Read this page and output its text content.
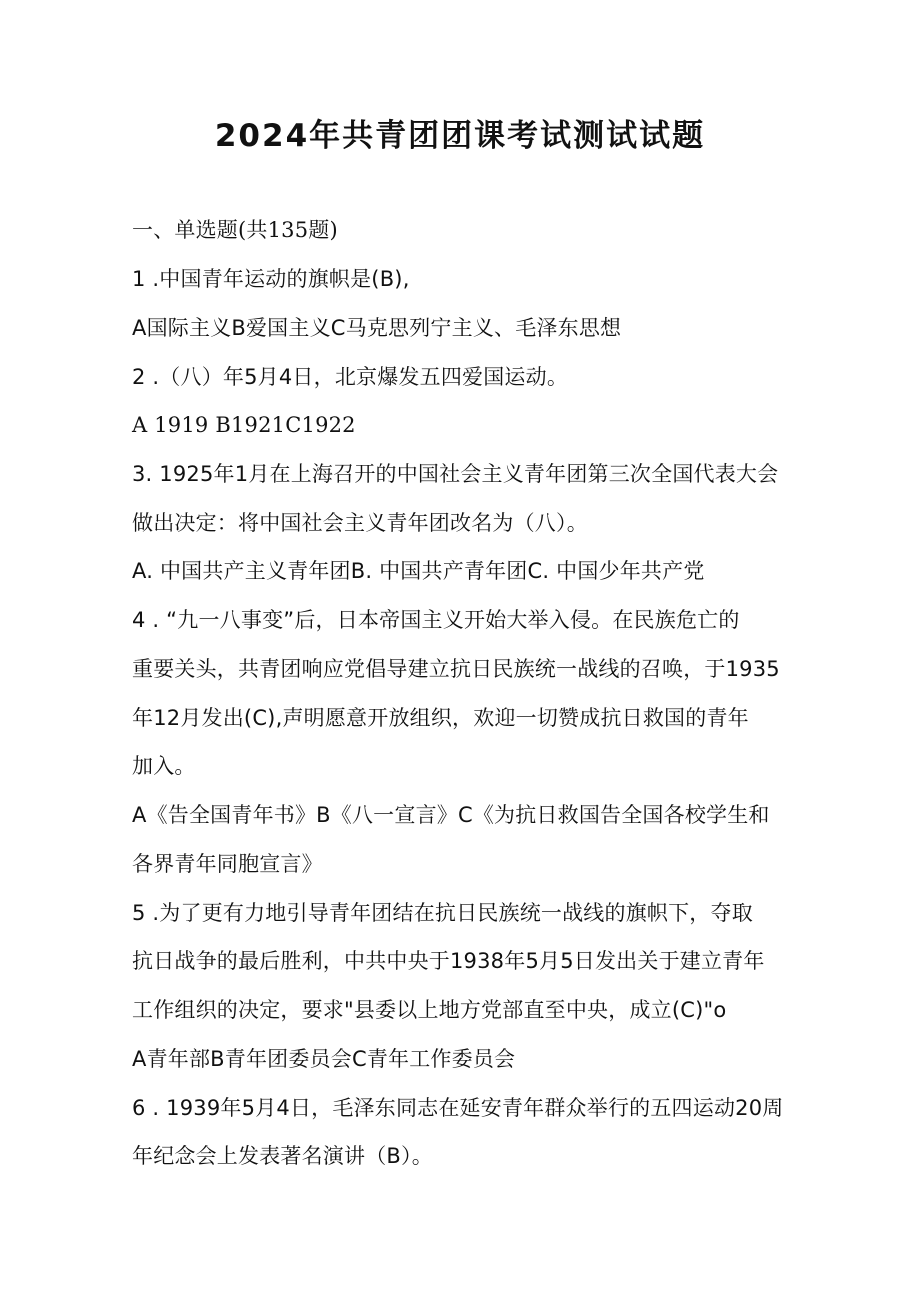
2024年共青团团课考试测试试题
一、单选题(共135题)
1 .中国青年运动的旗帜是(B),
A国际主义B爱国主义C马克思列宁主义、毛泽东思想
2 .（八）年5月4日，北京爆发五四爱国运动。
A 1919 B1921C1922
3. 1925年1月在上海召开的中国社会主义青年团第三次全国代表大会
做出决定：将中国社会主义青年团改名为（八）。
A. 中国共产主义青年团B. 中国共产青年团C. 中国少年共产党
4 . “九一八事变”后，日本帝国主义开始大举入侵。在民族危亡的
重要关头，共青团响应党倡导建立抗日民族统一战线的召唤，于1935
年12月发出(C),声明愿意开放组织，欢迎一切赞成抗日救国的青年
加入。
A《告全国青年书》B《八一宣言》C《为抗日救国告全国各校学生和
各界青年同胞宣言》
5 .为了更有力地引导青年团结在抗日民族统一战线的旗帜下，夺取
抗日战争的最后胜利，中共中央于1938年5月5日发出关于建立青年
工作组织的决定，要求"县委以上地方党部直至中央，成立(C)"o
A青年部B青年团委员会C青年工作委员会
6 . 1939年5月4日，毛泽东同志在延安青年群众举行的五四运动20周
年纪念会上发表著名演讲（B）。
